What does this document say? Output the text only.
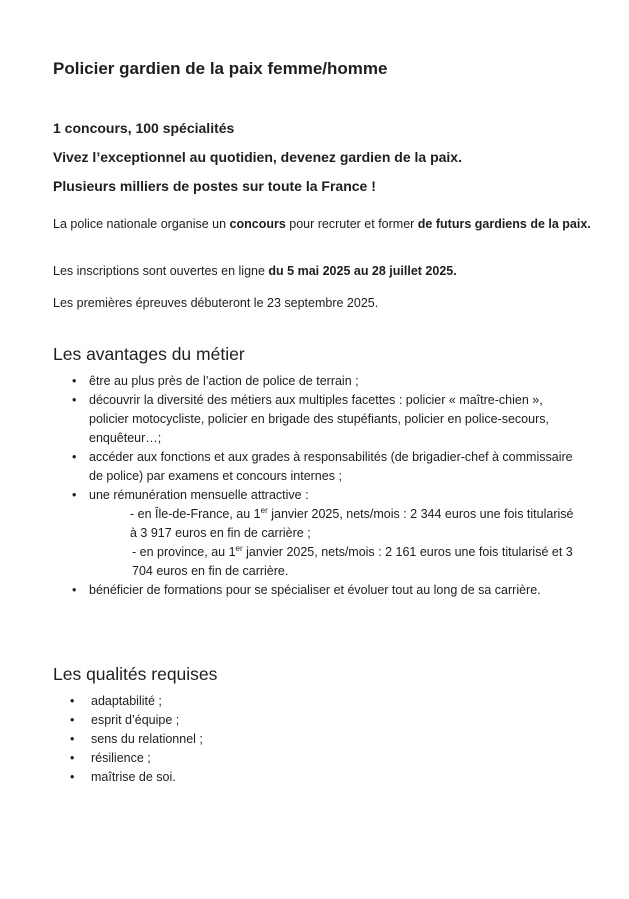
Policier gardien de la paix femme/homme

1 concours, 100 spécialités

Vivez l’exceptionnel au quotidien, devenez gardien de la paix.

Plusieurs milliers de postes sur toute la France !

La police nationale organise un concours pour recruter et former de futurs gardiens de la paix.

Les inscriptions sont ouvertes en ligne du 5 mai 2025 au 28 juillet 2025.

Les premières épreuves débuteront le 23 septembre 2025.

Les avantages du métier
• être au plus près de l’action de police de terrain ;
• découvrir la diversité des métiers aux multiples facettes : policier « maître-chien », policier motocycliste, policier en brigade des stupéfiants, policier en police-secours, enquêteur…;
• accéder aux fonctions et aux grades à responsabilités (de brigadier-chef à commissaire de police) par examens et concours internes ;
• une rémunération mensuelle attractive :
- en Île-de-France, au 1er janvier 2025, nets/mois : 2 344 euros une fois titularisé à 3 917 euros en fin de carrière ;
- en province, au 1er janvier 2025, nets/mois : 2 161 euros une fois titularisé et 3 704 euros en fin de carrière.
• bénéficier de formations pour se spécialiser et évoluer tout au long de sa carrière.
Les qualités requises
• adaptabilité ;
• esprit d’équipe ;
• sens du relationnel ;
• résilience ;
• maîtrise de soi.
